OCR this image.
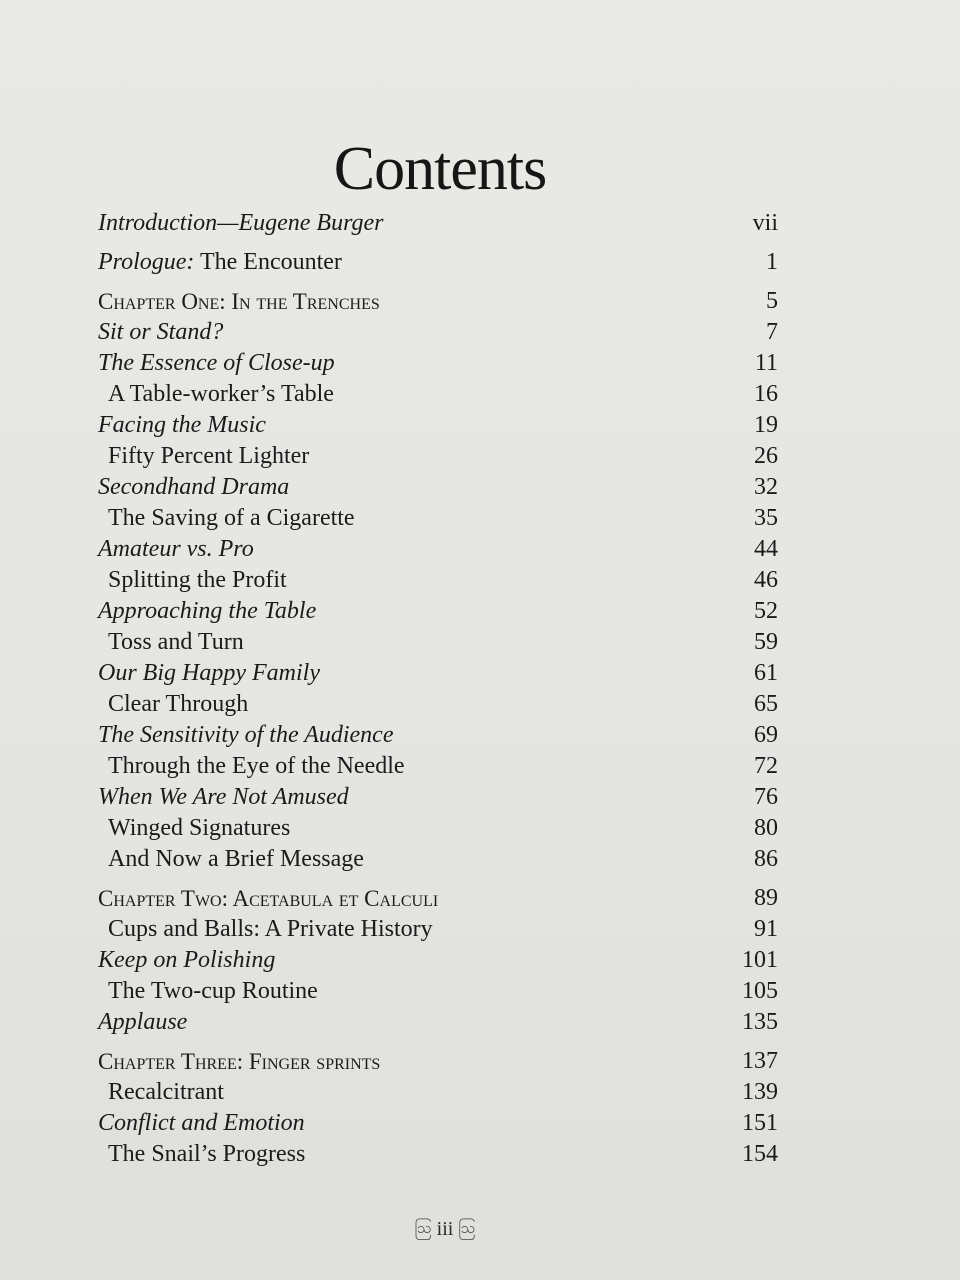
Contents
Introduction—Eugene Burger	vii
Prologue: The Encounter	1
Chapter One: In the Trenches	5
Sit or Stand?	7
The Essence of Close-up	11
A Table-worker’s Table	16
Facing the Music	19
Fifty Percent Lighter	26
Secondhand Drama	32
The Saving of a Cigarette	35
Amateur vs. Pro	44
Splitting the Profit	46
Approaching the Table	52
Toss and Turn	59
Our Big Happy Family	61
Clear Through	65
The Sensitivity of the Audience	69
Through the Eye of the Needle	72
When We Are Not Amused	76
Winged Signatures	80
And Now a Brief Message	86
Chapter Two: Acetabula et Calculi	89
Cups and Balls: A Private History	91
Keep on Polishing	101
The Two-cup Routine	105
Applause	135
Chapter Three: Finger sprints	137
Recalcitrant	139
Conflict and Emotion	151
The Snail’s Progress	154
ဩ iii ဩ
